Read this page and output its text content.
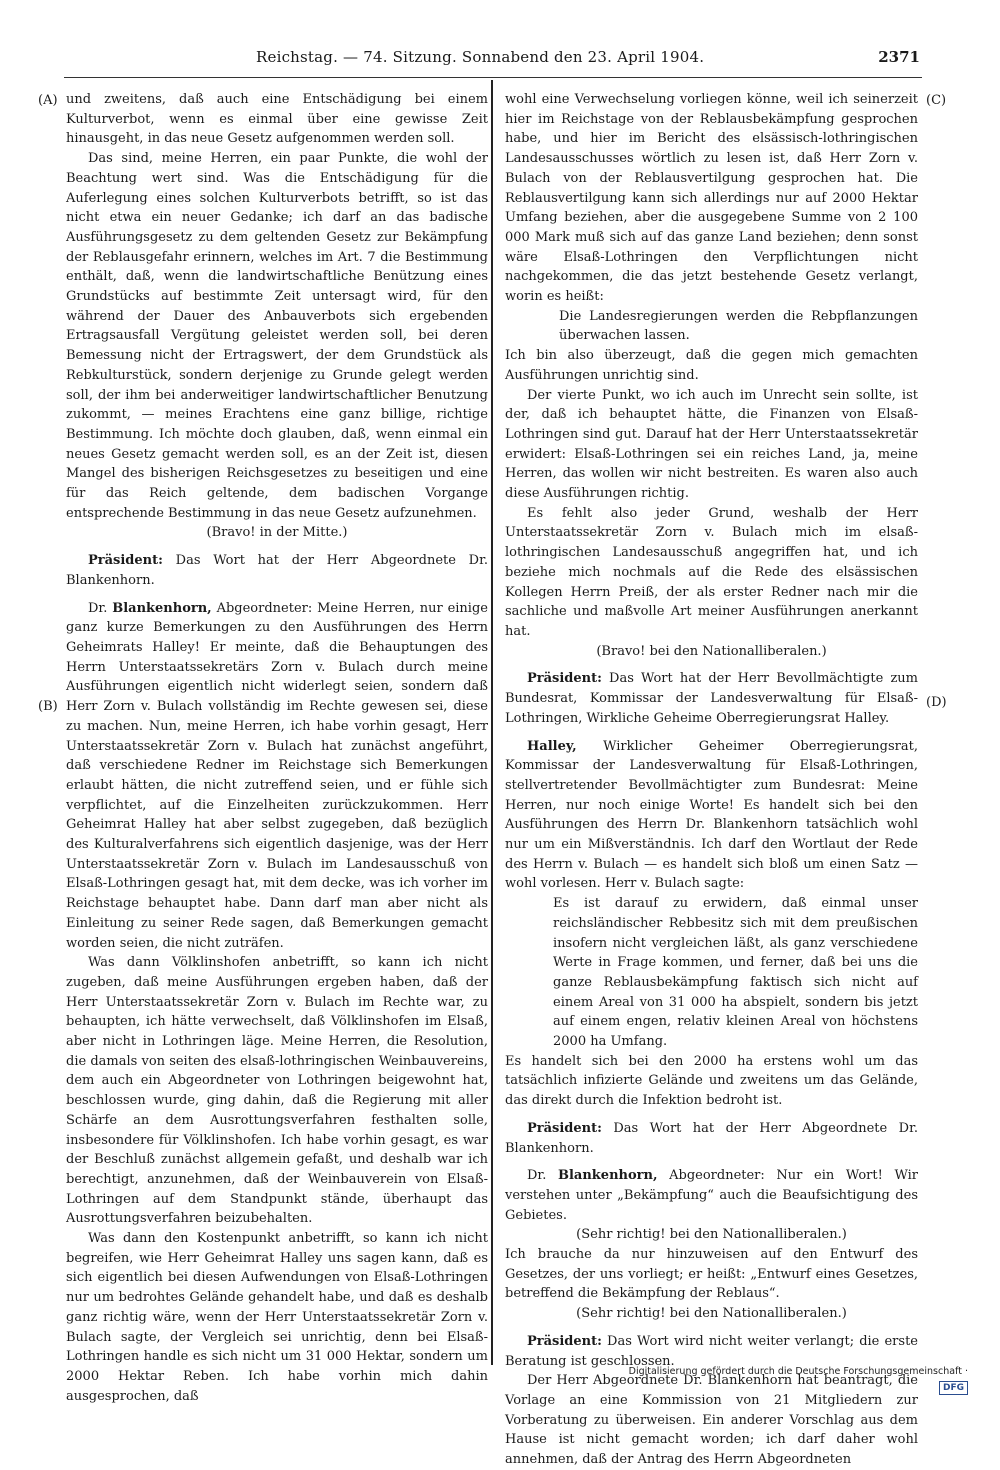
Reichstag. — 74. Sitzung. Sonnabend den 23. April 1904.	2371
(A)
(B)
(C)
(D)

und zweitens, daß auch eine Entschädigung bei einem Kulturverbot, wenn es einmal über eine gewisse Zeit hinausgeht, in das neue Gesetz aufgenommen werden soll.

Das sind, meine Herren, ein paar Punkte, die wohl der Beachtung wert sind. Was die Entschädigung für die Auferlegung eines solchen Kulturverbots betrifft, so ist das nicht etwa ein neuer Gedanke; ich darf an das badische Ausführungsgesetz zu dem geltenden Gesetz zur Bekämpfung der Reblausgefahr erinnern, welches im Art. 7 die Bestimmung enthält, daß, wenn die landwirtschaftliche Benützung eines Grundstücks auf bestimmte Zeit untersagt wird, für den während der Dauer des Anbauverbots sich ergebenden Ertragsausfall Vergütung geleistet werden soll, bei deren Bemessung nicht der Ertragswert, der dem Grundstück als Rebkulturstück, sondern derjenige zu Grunde gelegt werden soll, der ihm bei anderweitiger landwirtschaftlicher Benutzung zukommt, — meines Erachtens eine ganz billige, richtige Bestimmung. Ich möchte doch glauben, daß, wenn einmal ein neues Gesetz gemacht werden soll, es an der Zeit ist, diesen Mangel des bisherigen Reichsgesetzes zu beseitigen und eine für das Reich geltende, dem badischen Vorgange entsprechende Bestimmung in das neue Gesetz aufzunehmen.

(Bravo! in der Mitte.)

Präsident: Das Wort hat der Herr Abgeordnete Dr. Blankenhorn.

Dr. Blankenhorn, Abgeordneter: Meine Herren, nur einige ganz kurze Bemerkungen zu den Ausführungen des Herrn Geheimrats Halley! Er meinte, daß die Behauptungen des Herrn Unterstaatssekretärs Zorn v. Bulach durch meine Ausführungen eigentlich nicht widerlegt seien, sondern daß Herr Zorn v. Bulach vollständig im Rechte gewesen sei, diese zu machen. Nun, meine Herren, ich habe vorhin gesagt, Herr Unterstaatssekretär Zorn v. Bulach hat zunächst angeführt, daß verschiedene Redner im Reichstage sich Bemerkungen erlaubt hätten, die nicht zutreffend seien, und er fühle sich verpflichtet, auf die Einzelheiten zurückzukommen. Herr Geheimrat Halley hat aber selbst zugegeben, daß bezüglich des Kulturalverfahrens sich eigentlich dasjenige, was der Herr Unterstaatssekretär Zorn v. Bulach im Landesausschuß von Elsaß-Lothringen gesagt hat, mit dem decke, was ich vorher im Reichstage behauptet habe. Dann darf man aber nicht als Einleitung zu seiner Rede sagen, daß Bemerkungen gemacht worden seien, die nicht zuträfen.

Was dann Völklinshofen anbetrifft, so kann ich nicht zugeben, daß meine Ausführungen ergeben haben, daß der Herr Unterstaatssekretär Zorn v. Bulach im Rechte war, zu behaupten, ich hätte verwechselt, daß Völklinshofen im Elsaß, aber nicht in Lothringen läge. Meine Herren, die Resolution, die damals von seiten des elsaß-lothringischen Weinbauvereins, dem auch ein Abgeordneter von Lothringen beigewohnt hat, beschlossen wurde, ging dahin, daß die Regierung mit aller Schärfe an dem Ausrottungsverfahren festhalten solle, insbesondere für Völklinshofen. Ich habe vorhin gesagt, es war der Beschluß zunächst allgemein gefaßt, und deshalb war ich berechtigt, anzunehmen, daß der Weinbauverein von Elsaß-Lothringen auf dem Standpunkt stände, überhaupt das Ausrottungsverfahren beizubehalten.

Was dann den Kostenpunkt anbetrifft, so kann ich nicht begreifen, wie Herr Geheimrat Halley uns sagen kann, daß es sich eigentlich bei diesen Aufwendungen von Elsaß-Lothringen nur um bedrohtes Gelände gehandelt habe, und daß es deshalb ganz richtig wäre, wenn der Herr Unterstaatssekretär Zorn v. Bulach sagte, der Vergleich sei unrichtig, denn bei Elsaß-Lothringen handle es sich nicht um 31 000 Hektar, sondern um 2000 Hektar Reben. Ich habe vorhin mich dahin ausgesprochen, daß

wohl eine Verwechselung vorliegen könne, weil ich seinerzeit hier im Reichstage von der Reblausbekämpfung gesprochen habe, und hier im Bericht des elsässisch-lothringischen Landesausschusses wörtlich zu lesen ist, daß Herr Zorn v. Bulach von der Reblausvertilgung gesprochen hat. Die Reblausvertilgung kann sich allerdings nur auf 2000 Hektar Umfang beziehen, aber die ausgegebene Summe von 2 100 000 Mark muß sich auf das ganze Land beziehen; denn sonst wäre Elsaß-Lothringen den Verpflichtungen nicht nachgekommen, die das jetzt bestehende Gesetz verlangt, worin es heißt:

Die Landesregierungen werden die Rebpflanzungen überwachen lassen.

Ich bin also überzeugt, daß die gegen mich gemachten Ausführungen unrichtig sind.

Der vierte Punkt, wo ich auch im Unrecht sein sollte, ist der, daß ich behauptet hätte, die Finanzen von Elsaß-Lothringen sind gut. Darauf hat der Herr Unterstaatssekretär erwidert: Elsaß-Lothringen sei ein reiches Land, ja, meine Herren, das wollen wir nicht bestreiten. Es waren also auch diese Ausführungen richtig.

Es fehlt also jeder Grund, weshalb der Herr Unterstaatssekretär Zorn v. Bulach mich im elsaß-lothringischen Landesausschuß angegriffen hat, und ich beziehe mich nochmals auf die Rede des elsässischen Kollegen Herrn Preiß, der als erster Redner nach mir die sachliche und maßvolle Art meiner Ausführungen anerkannt hat.

(Bravo! bei den Nationalliberalen.)

Präsident: Das Wort hat der Herr Bevollmächtigte zum Bundesrat, Kommissar der Landesverwaltung für Elsaß-Lothringen, Wirkliche Geheime Oberregierungsrat Halley.

Halley, Wirklicher Geheimer Oberregierungsrat, Kommissar der Landesverwaltung für Elsaß-Lothringen, stellvertretender Bevollmächtigter zum Bundesrat: Meine Herren, nur noch einige Worte! Es handelt sich bei den Ausführungen des Herrn Dr. Blankenhorn tatsächlich wohl nur um ein Mißverständnis. Ich darf den Wortlaut der Rede des Herrn v. Bulach — es handelt sich bloß um einen Satz — wohl vorlesen. Herr v. Bulach sagte:

Es ist darauf zu erwidern, daß einmal unser reichsländischer Rebbesitz sich mit dem preußischen insofern nicht vergleichen läßt, als ganz verschiedene Werte in Frage kommen, und ferner, daß bei uns die ganze Reblausbekämpfung faktisch sich nicht auf einem Areal von 31 000 ha abspielt, sondern bis jetzt auf einem engen, relativ kleinen Areal von höchstens 2000 ha Umfang.

Es handelt sich bei den 2000 ha erstens wohl um das tatsächlich infizierte Gelände und zweitens um das Gelände, das direkt durch die Infektion bedroht ist.

Präsident: Das Wort hat der Herr Abgeordnete Dr. Blankenhorn.

Dr. Blankenhorn, Abgeordneter: Nur ein Wort! Wir verstehen unter „Bekämpfung“ auch die Beaufsichtigung des Gebietes.

(Sehr richtig! bei den Nationalliberalen.)

Ich brauche da nur hinzuweisen auf den Entwurf des Gesetzes, der uns vorliegt; er heißt: „Entwurf eines Gesetzes, betreffend die Bekämpfung der Reblaus“.

(Sehr richtig! bei den Nationalliberalen.)

Präsident: Das Wort wird nicht weiter verlangt; die erste Beratung ist geschlossen.

Der Herr Abgeordnete Dr. Blankenhorn hat beantragt, die Vorlage an eine Kommission von 21 Mitgliedern zur Vorberatung zu überweisen. Ein anderer Vorschlag aus dem Hause ist nicht gemacht worden; ich darf daher wohl annehmen, daß der Antrag des Herrn Abgeordneten

Digitalisierung gefördert durch die Deutsche Forschungsgemeinschaft · DFG
